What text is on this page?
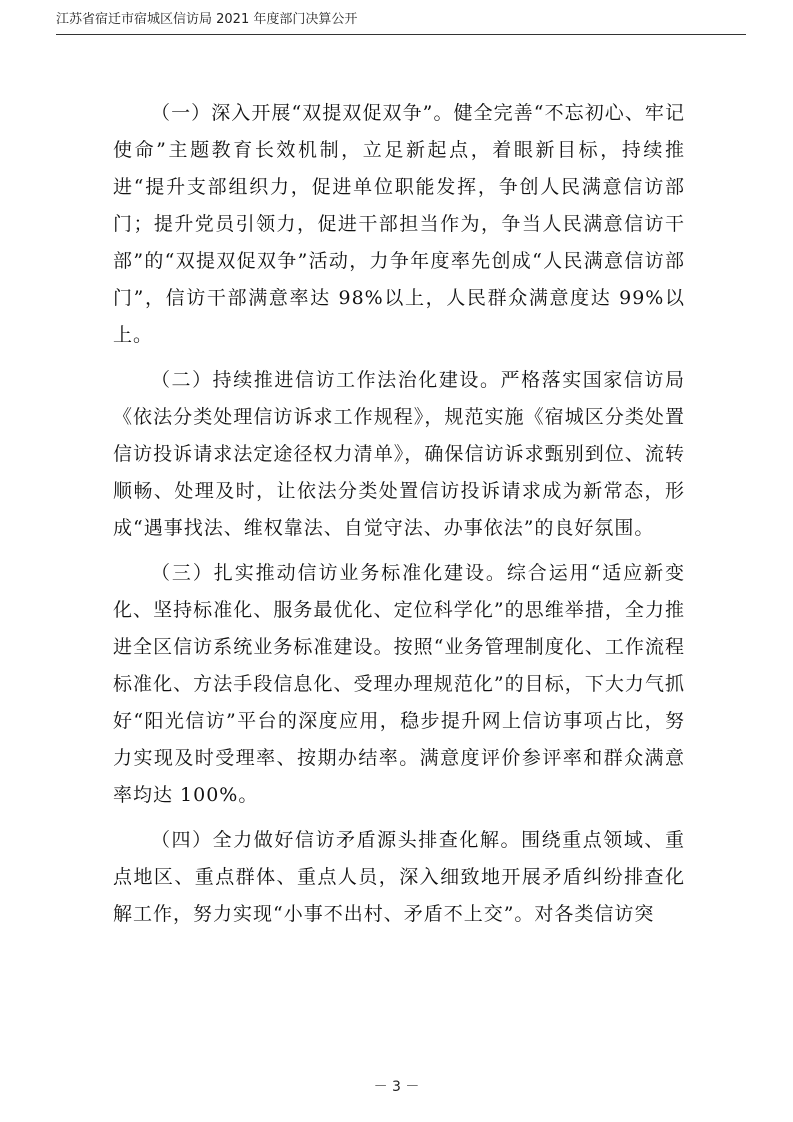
江苏省宿迁市宿城区信访局 2021 年度部门决算公开

（一）深入开展“双提双促双争”。健全完善“不忘初心、牢记使命”主题教育长效机制，立足新起点，着眼新目标，持续推进“提升支部组织力，促进单位职能发挥，争创人民满意信访部门；提升党员引领力，促进干部担当作为，争当人民满意信访干部”的“双提双促双争”活动，力争年度率先创成“人民满意信访部门”，信访干部满意率达 98%以上，人民群众满意度达 99%以上。

（二）持续推进信访工作法治化建设。严格落实国家信访局《依法分类处理信访诉求工作规程》，规范实施《宿城区分类处置信访投诉请求法定途径权力清单》，确保信访诉求甄别到位、流转顺畅、处理及时，让依法分类处置信访投诉请求成为新常态，形成“遇事找法、维权靠法、自觉守法、办事依法”的良好氛围。

（三）扎实推动信访业务标准化建设。综合运用“适应新变化、坚持标准化、服务最优化、定位科学化”的思维举措，全力推进全区信访系统业务标准建设。按照“业务管理制度化、工作流程标准化、方法手段信息化、受理办理规范化”的目标，下大力气抓好“阳光信访”平台的深度应用，稳步提升网上信访事项占比，努力实现及时受理率、按期办结率。满意度评价参评率和群众满意率均达 100%。

（四）全力做好信访矛盾源头排查化解。围绕重点领域、重点地区、重点群体、重点人员，深入细致地开展矛盾纠纷排查化解工作，努力实现“小事不出村、矛盾不上交”。对各类信访突

－ 3 －
